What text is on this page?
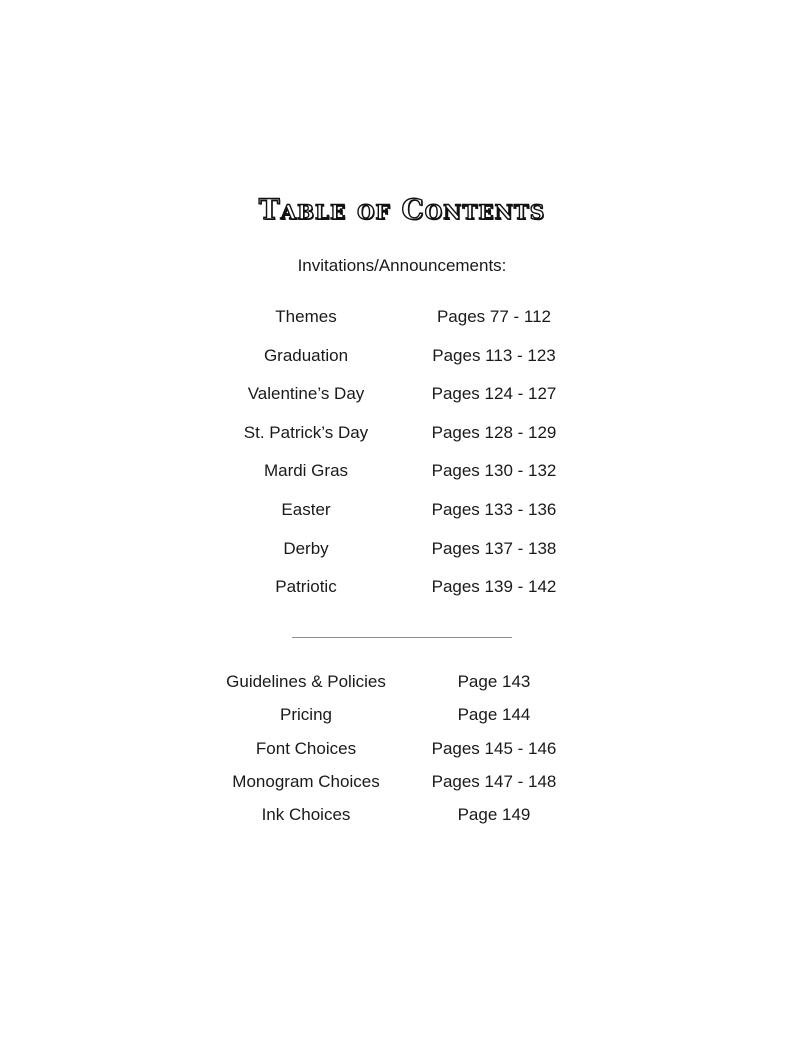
Table of Contents
Invitations/Announcements:
Themes	Pages 77 - 112
Graduation	Pages 113 - 123
Valentine’s Day	Pages 124 - 127
St. Patrick’s Day	Pages 128 - 129
Mardi Gras	Pages 130 - 132
Easter	Pages 133 - 136
Derby	Pages 137 - 138
Patriotic	Pages 139 - 142
Guidelines & Policies	Page 143
Pricing	Page 144
Font Choices	Pages 145 - 146
Monogram Choices	Pages 147 - 148
Ink Choices	Page 149
